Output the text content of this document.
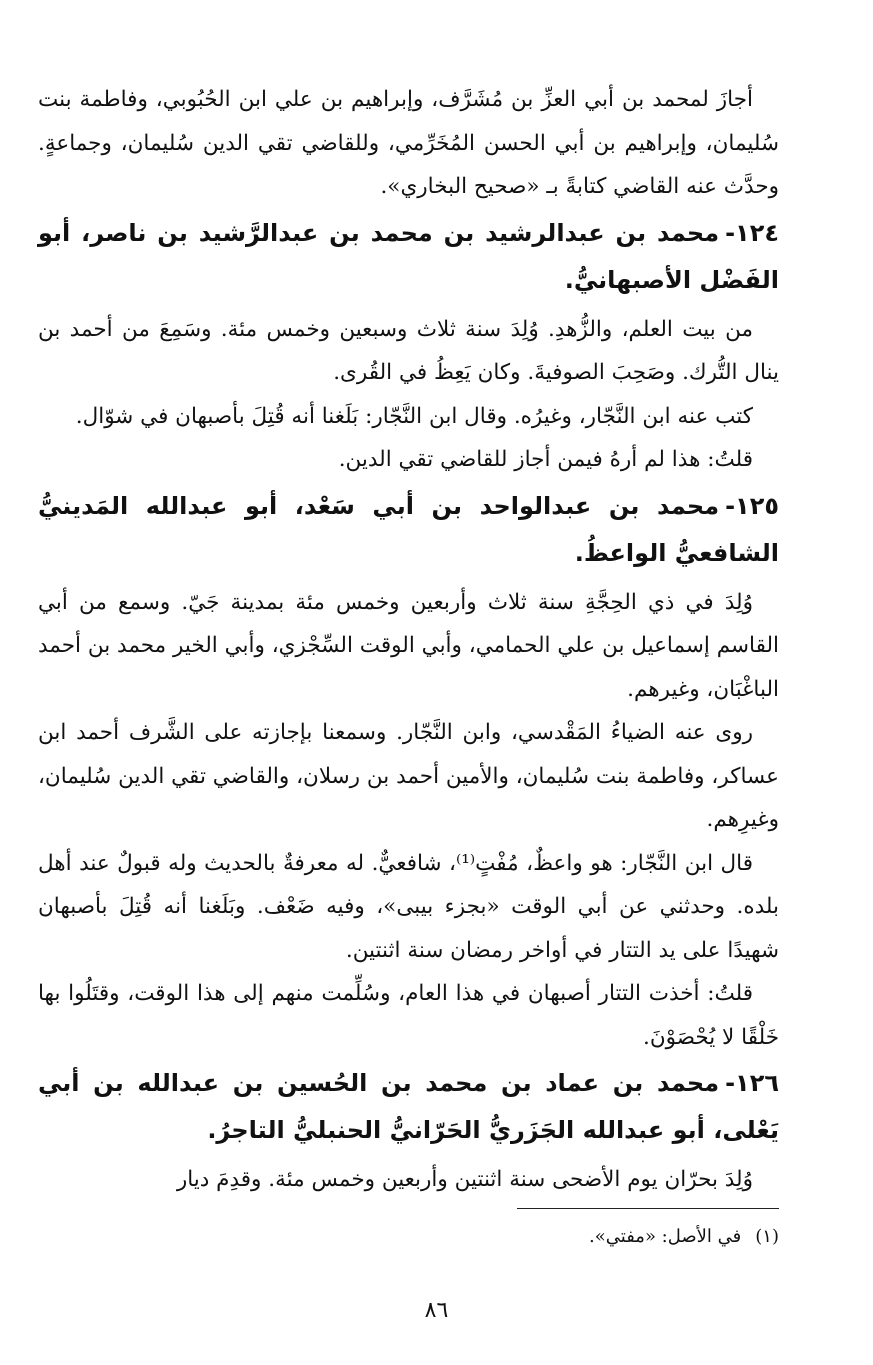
أجازَ لمحمد بن أبي العزِّ بن مُشَرَّف، وإبراهيم بن علي ابن الحُبُوبي، وفاطمة بنت سُليمان، وإبراهيم بن أبي الحسن المُخَرِّمي، وللقاضي تقي الدين سُليمان، وجماعةٍ. وحدَّث عنه القاضي كتابةً بـ «صحيح البخاري».

١٢٤-محمد بن عبدالرشيد بن محمد بن عبدالرَّشيد بن ناصر، أبو الفَضْل الأصبهانيُّ.

من بيت العلم، والزُّهدِ. وُلِدَ سنة ثلاث وسبعين وخمس مئة. وسَمِعَ من أحمد بن ينال التُّرك. وصَحِبَ الصوفيةَ. وكان يَعِظُ في القُرى.

كتب عنه ابن النَّجّار، وغيرُه. وقال ابن النَّجّار: بَلَغنا أنه قُتِلَ بأصبهان في شوّال.

قلتُ: هذا لم أرهُ فيمن أجاز للقاضي تقي الدين.

١٢٥-محمد بن عبدالواحد بن أبي سَعْد، أبو عبدالله المَدينيُّ الشافعيُّ الواعظُ.

وُلِدَ في ذي الحِجَّةِ سنة ثلاث وأربعين وخمس مئة بمدينة جَيّ. وسمع من أبي القاسم إسماعيل بن علي الحمامي، وأبي الوقت السِّجْزي، وأبي الخير محمد بن أحمد الباغْبَان، وغيرهم.

روى عنه الضياءُ المَقْدسي، وابن النَّجّار. وسمعنا بإجازته على الشَّرف أحمد ابن عساكر، وفاطمة بنت سُليمان، والأمين أحمد بن رسلان، والقاضي تقي الدين سُليمان، وغيرِهم.

قال ابن النَّجّار: هو واعظٌ، مُفْتٍ⁽¹⁾، شافعيٌّ. له معرفةٌ بالحديث وله قبولٌ عند أهل بلده. وحدثني عن أبي الوقت «بجزء بيبى»، وفيه ضَعْف. وبَلَغنا أنه قُتِلَ بأصبهان شهيدًا على يد التتار في أواخر رمضان سنة اثنتين.

قلتُ: أخذت التتار أصبهان في هذا العام، وسُلِّمت منهم إلى هذا الوقت، وقتَلُوا بها خَلْقًا لا يُحْصَوْنَ.

١٢٦-محمد بن عماد بن محمد بن الحُسين بن عبدالله بن أبي يَعْلى، أبو عبدالله الجَزَريُّ الحَرّانيُّ الحنبليُّ التاجرُ.

وُلِدَ بحرّان يوم الأضحى سنة اثنتين وأربعين وخمس مئة. وقدِمَ ديار

(١)في الأصل: «مفتي».
٨٦
